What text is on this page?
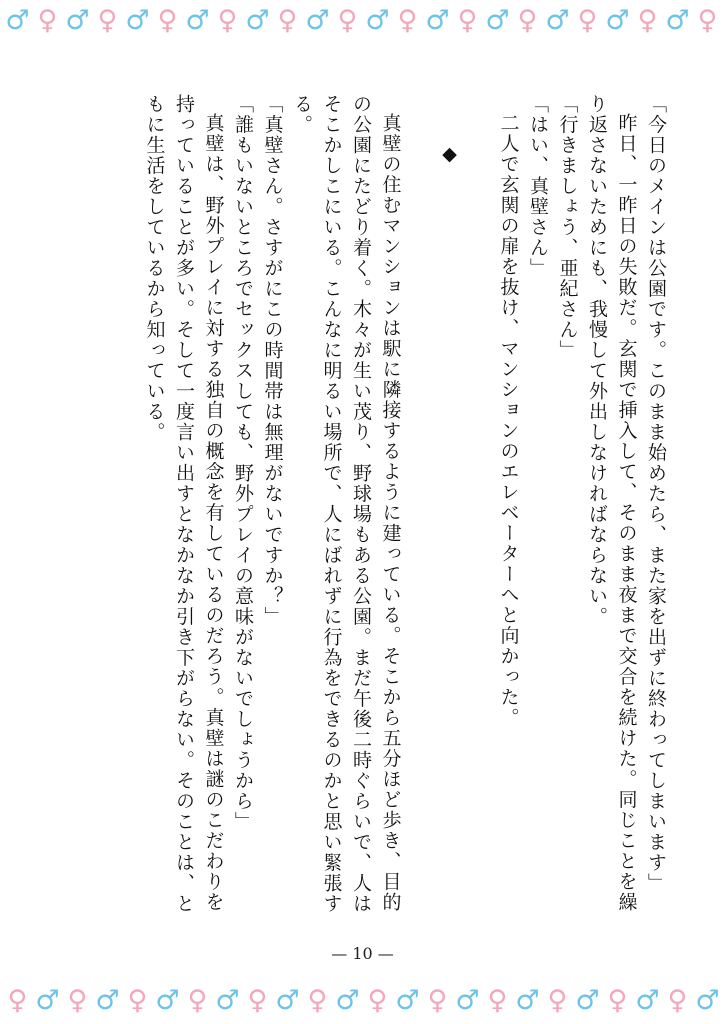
♂ ♀ ♂ ♀ ♂ ♀ ♂ ♀ ♂ ♀ ♂ ♀ ♂ ♀ ♂ ♀ ♂ ♀ ♂ ♀ ♂ ♀ ♂ ♀

「今日のメインは公園です。このまま始めたら、また家を出ずに終わってしまいます」

昨日、一昨日の失敗だ。玄関で挿入して、そのまま夜まで交合を続けた。同じことを繰り返さないためにも、我慢して外出しなければならない。

「行きましょう、亜紀さん」

「はい、真壁さん」

二人で玄関の扉を抜け、マンションのエレベーターへと向かった。

◆

真壁の住むマンションは駅に隣接するように建っている。そこから五分ほど歩き、目的の公園にたどり着く。木々が生い茂り、野球場もある公園。まだ午後二時ぐらいで、人はそこかしこにいる。こんなに明るい場所で、人にばれずに行為をできるのかと思い緊張する。

「真壁さん。さすがにこの時間帯は無理がないですか？」

「誰もいないところでセックスしても、野外プレイの意味がないでしょうから」

真壁は、野外プレイに対する独自の概念を有しているのだろう。真壁は謎のこだわりを持っていることが多い。そして一度言い出すとなかなか引き下がらない。そのことは、ともに生活をしているから知っている。

— 10 —
♀ ♂ ♀ ♂ ♀ ♂ ♀ ♂ ♀ ♂ ♀ ♂ ♀ ♂ ♀ ♂ ♀ ♂ ♀ ♂ ♀ ♂ ♀ ♂
